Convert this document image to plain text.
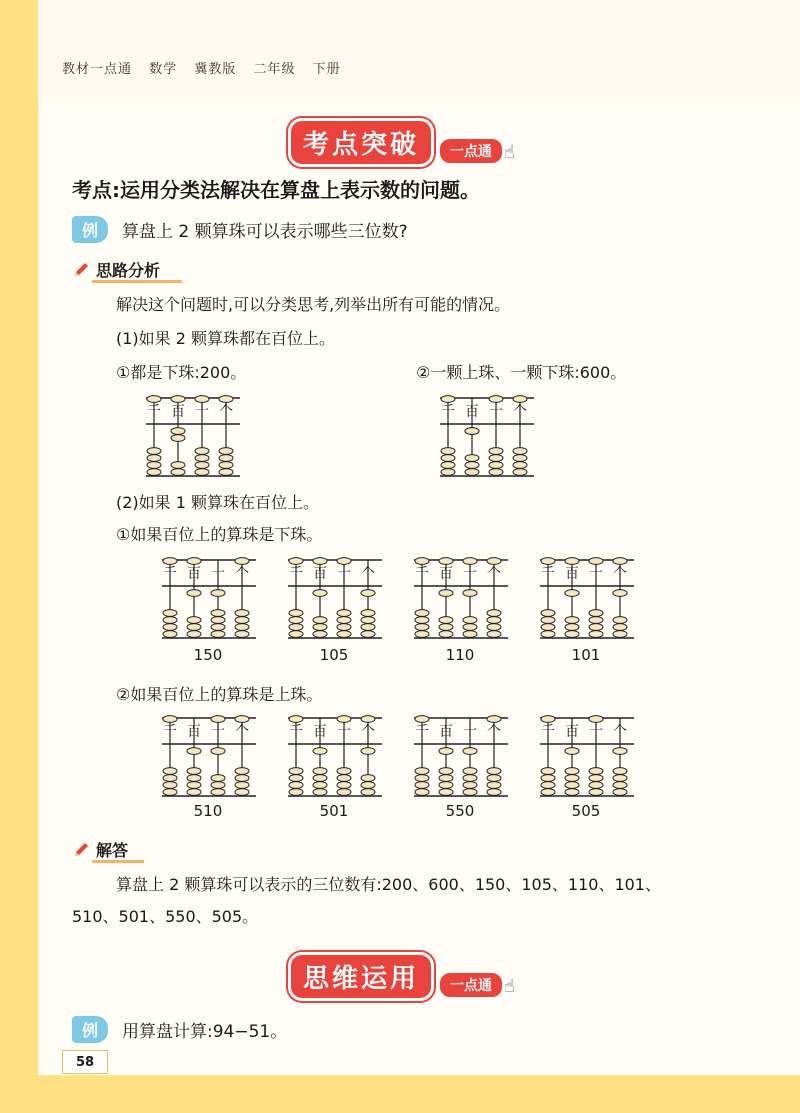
教材一点通 数学 冀教版 二年级 下册
考点突破	一点通 ☝
考点:运用分类法解决在算盘上表示数的问题。
例	算盘上 2 颗算珠可以表示哪些三位数?
思路分析
解决这个问题时,可以分类思考,列举出所有可能的情况。
(1)如果 2 颗算珠都在百位上。
①都是下珠:200。	②一颗上珠、一颗下珠:600。
千 百 十 个	千 百 十 个
(2)如果 1 颗算珠在百位上。
①如果百位上的算珠是下珠。
千 百 十 个	千 百 十 个	千 百 十 个	千 百 十 个
150	105	110	101
②如果百位上的算珠是上珠。
千 百 十 个	千 百 十 个	千 百 十 个	千 百 十 个
510	501	550	505
解答
算盘上 2 颗算珠可以表示的三位数有:200、600、150、105、110、101、
510、501、550、505。
思维运用	一点通 ☝
例	用算盘计算:94−51。
58
